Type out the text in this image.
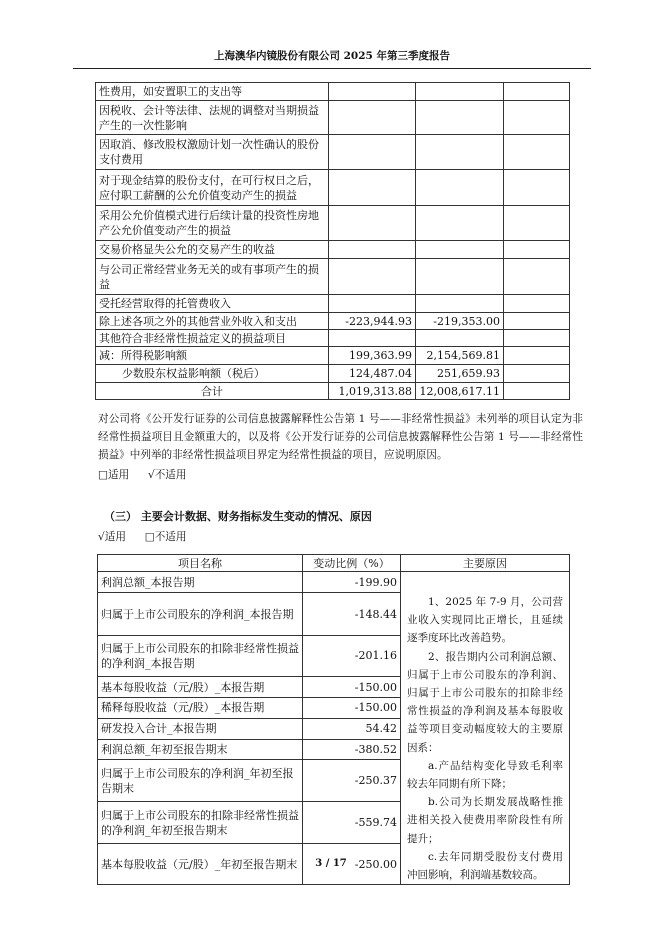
上海澳华内镜股份有限公司 2025 年第三季度报告
性费用，如安置职工的支出等			
因税收、会计等法律、法规的调整对当期损益产生的一次性影响			
因取消、修改股权激励计划一次性确认的股份支付费用			
对于现金结算的股份支付，在可行权日之后，应付职工薪酬的公允价值变动产生的损益			
采用公允价值模式进行后续计量的投资性房地产公允价值变动产生的损益			
交易价格显失公允的交易产生的收益			
与公司正常经营业务无关的或有事项产生的损益			
受托经营取得的托管费收入			
除上述各项之外的其他营业外收入和支出	-223,944.93	-219,353.00	
其他符合非经常性损益定义的损益项目			
减：所得税影响额	199,363.99	2,154,569.81	
少数股东权益影响额（税后）	124,487.04	251,659.93	
合计	1,019,313.88	12,008,617.11	

对公司将《公开发行证券的公司信息披露解释性公告第 1 号——非经常性损益》未列举的项目认定为非经常性损益项目且金额重大的，以及将《公开发行证券的公司信息披露解释性公告第 1 号——非经常性损益》中列举的非经常性损益项目界定为经常性损益的项目，应说明原因。

□适用 √不适用
（三） 主要会计数据、财务指标发生变动的情况、原因
√适用 □不适用
项目名称	变动比例（%）	主要原因
利润总额_本报告期	-199.90	1、2025 年 7-9 月，公司营业收入实现同比正增长，且延续逐季度环比改善趋势。

2、报告期内公司利润总额、归属于上市公司股东的净利润、归属于上市公司股东的扣除非经常性损益的净利润及基本每股收益等项目变动幅度较大的主要原因系：

a.产品结构变化导致毛利率较去年同期有所下降；

b.公司为长期发展战略性推进相关投入使费用率阶段性有所提升；

c.去年同期受股份支付费用冲回影响，利润端基数较高。

归属于上市公司股东的净利润_本报告期	-148.44	
归属于上市公司股东的扣除非经常性损益的净利润_本报告期	-201.16	
基本每股收益（元/股）_本报告期	-150.00	
稀释每股收益（元/股）_本报告期	-150.00	
研发投入合计_本报告期	54.42	
利润总额_年初至报告期末	-380.52	
归属于上市公司股东的净利润_年初至报告期末	-250.37	
归属于上市公司股东的扣除非经常性损益的净利润_年初至报告期末	-559.74	
基本每股收益（元/股）_年初至报告期末	-250.00	
3 / 17
